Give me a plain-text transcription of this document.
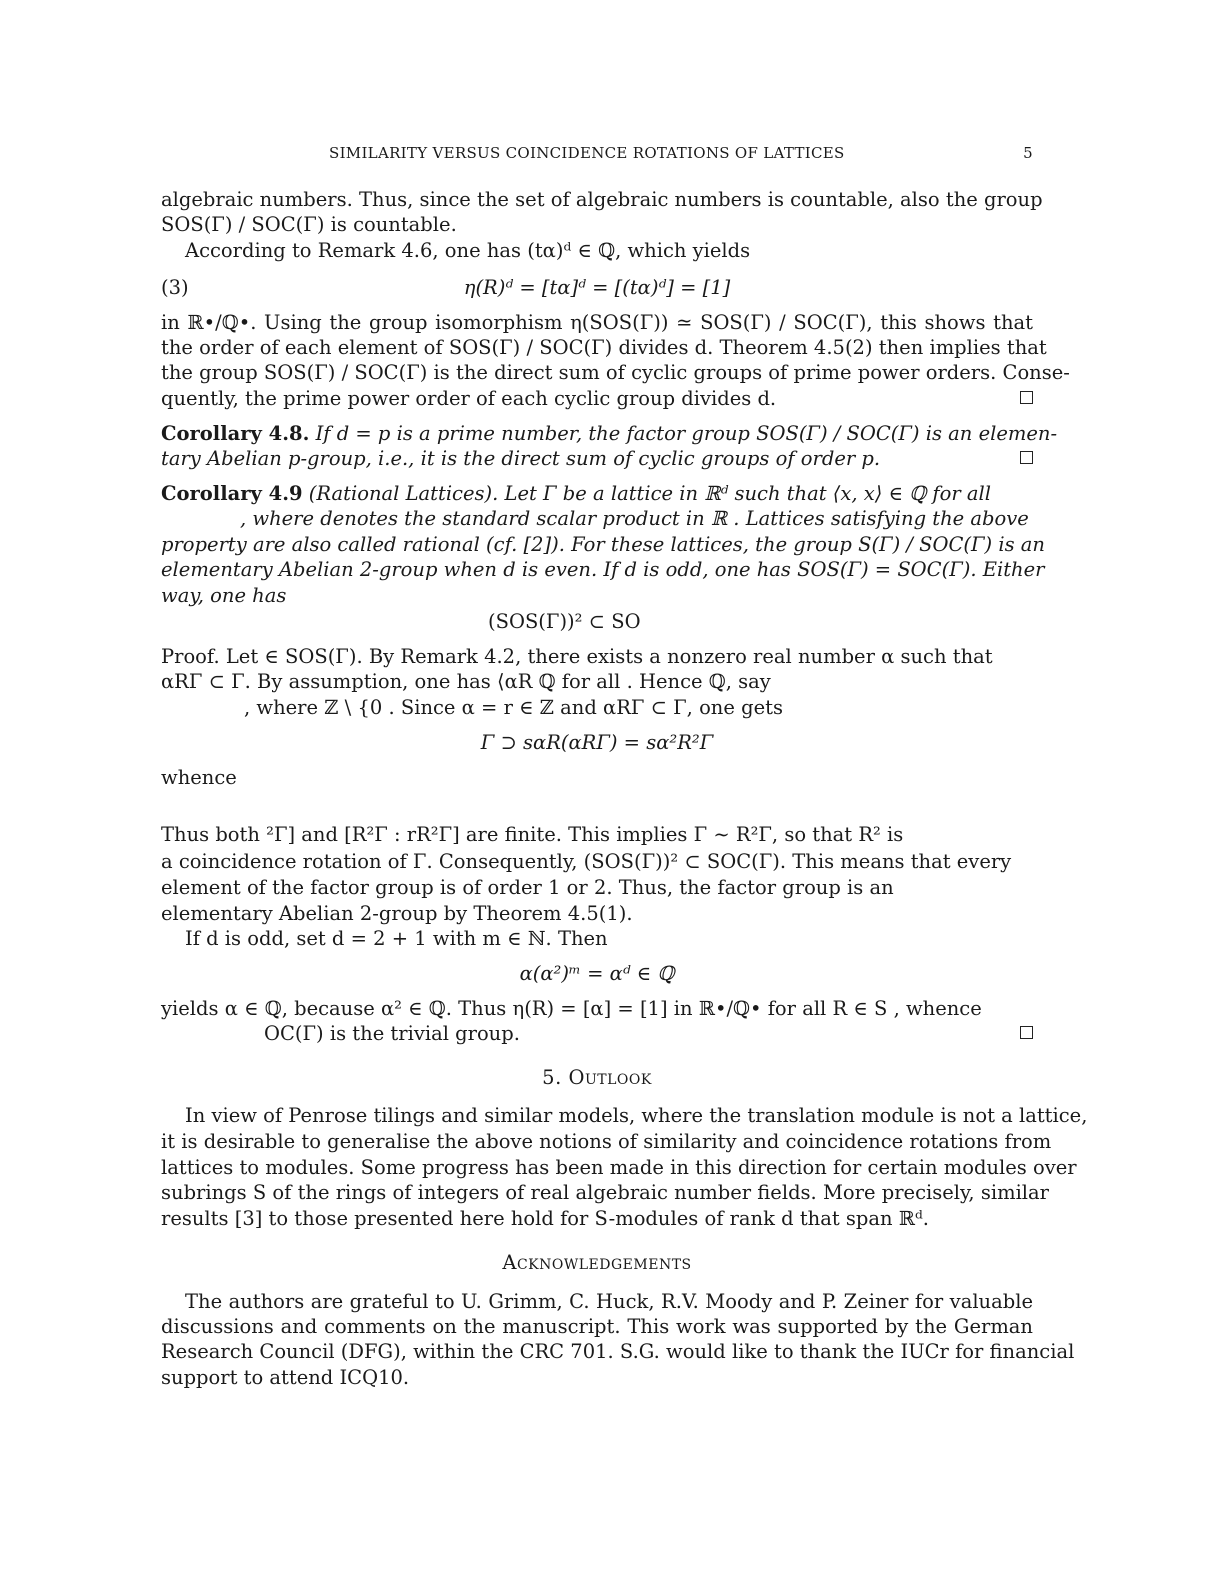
SIMILARITY VERSUS COINCIDENCE ROTATIONS OF LATTICES	5
algebraic numbers. Thus, since the set of algebraic numbers is countable, also the group
SOS(Γ) / SOC(Γ) is countable.
According to Remark 4.6, one has (tα)ᵈ ∈ ℚ, which yields
(3)	η(R)ᵈ = [tα]ᵈ = [(tα)ᵈ] = [1]
in ℝ•/ℚ•. Using the group isomorphism η(SOS(Γ)) ≃ SOS(Γ) / SOC(Γ), this shows that
the order of each element of SOS(Γ) / SOC(Γ) divides d. Theorem 4.5(2) then implies that
the group SOS(Γ) / SOC(Γ) is the direct sum of cyclic groups of prime power orders. Conse-
quently, the prime power order of each cyclic group divides d.
Corollary 4.8. If d = p is a prime number, the factor group SOS(Γ) / SOC(Γ) is an elemen-
tary Abelian p-group, i.e., it is the direct sum of cyclic groups of order p.
Corollary 4.9 (Rational Lattices). Let Γ be a lattice in ℝᵈ such that ⟨x, x⟩ ∈ ℚ for all
, where denotes the standard scalar product in ℝ . Lattices satisfying the above
property are also called rational (cf. [2]). For these lattices, the group S(Γ) / SOC(Γ) is an
elementary Abelian 2-group when d is even. If d is odd, one has SOS(Γ) = SOC(Γ). Either
way, one has
(SOS(Γ))² ⊂ SO
Proof. Let ∈ SOS(Γ). By Remark 4.2, there exists a nonzero real number α such that
αRΓ ⊂ Γ. By assumption, one has ⟨αR ℚ for all . Hence ℚ, say
, where ℤ \ {0 . Since α = r ∈ ℤ and αRΓ ⊂ Γ, one gets
Γ ⊃ sαR(αRΓ) = sα²R²Γ
whence
Thus both ²Γ] and [R²Γ : rR²Γ] are finite. This implies Γ ∼ R²Γ, so that R² is
a coincidence rotation of Γ. Consequently, (SOS(Γ))² ⊂ SOC(Γ). This means that every
element of the factor group is of order 1 or 2. Thus, the factor group is an
elementary Abelian 2-group by Theorem 4.5(1).
If d is odd, set d = 2 + 1 with m ∈ ℕ. Then
α(α²)ᵐ = αᵈ ∈ ℚ
yields α ∈ ℚ, because α² ∈ ℚ. Thus η(R) = [α] = [1] in ℝ•/ℚ• for all R ∈ S , whence
OC(Γ) is the trivial group.
5. Outlook
In view of Penrose tilings and similar models, where the translation module is not a lattice,
it is desirable to generalise the above notions of similarity and coincidence rotations from
lattices to modules. Some progress has been made in this direction for certain modules over
subrings S of the rings of integers of real algebraic number fields. More precisely, similar
results [3] to those presented here hold for S-modules of rank d that span ℝᵈ.
Acknowledgements
The authors are grateful to U. Grimm, C. Huck, R.V. Moody and P. Zeiner for valuable
discussions and comments on the manuscript. This work was supported by the German
Research Council (DFG), within the CRC 701. S.G. would like to thank the IUCr for financial
support to attend ICQ10.
